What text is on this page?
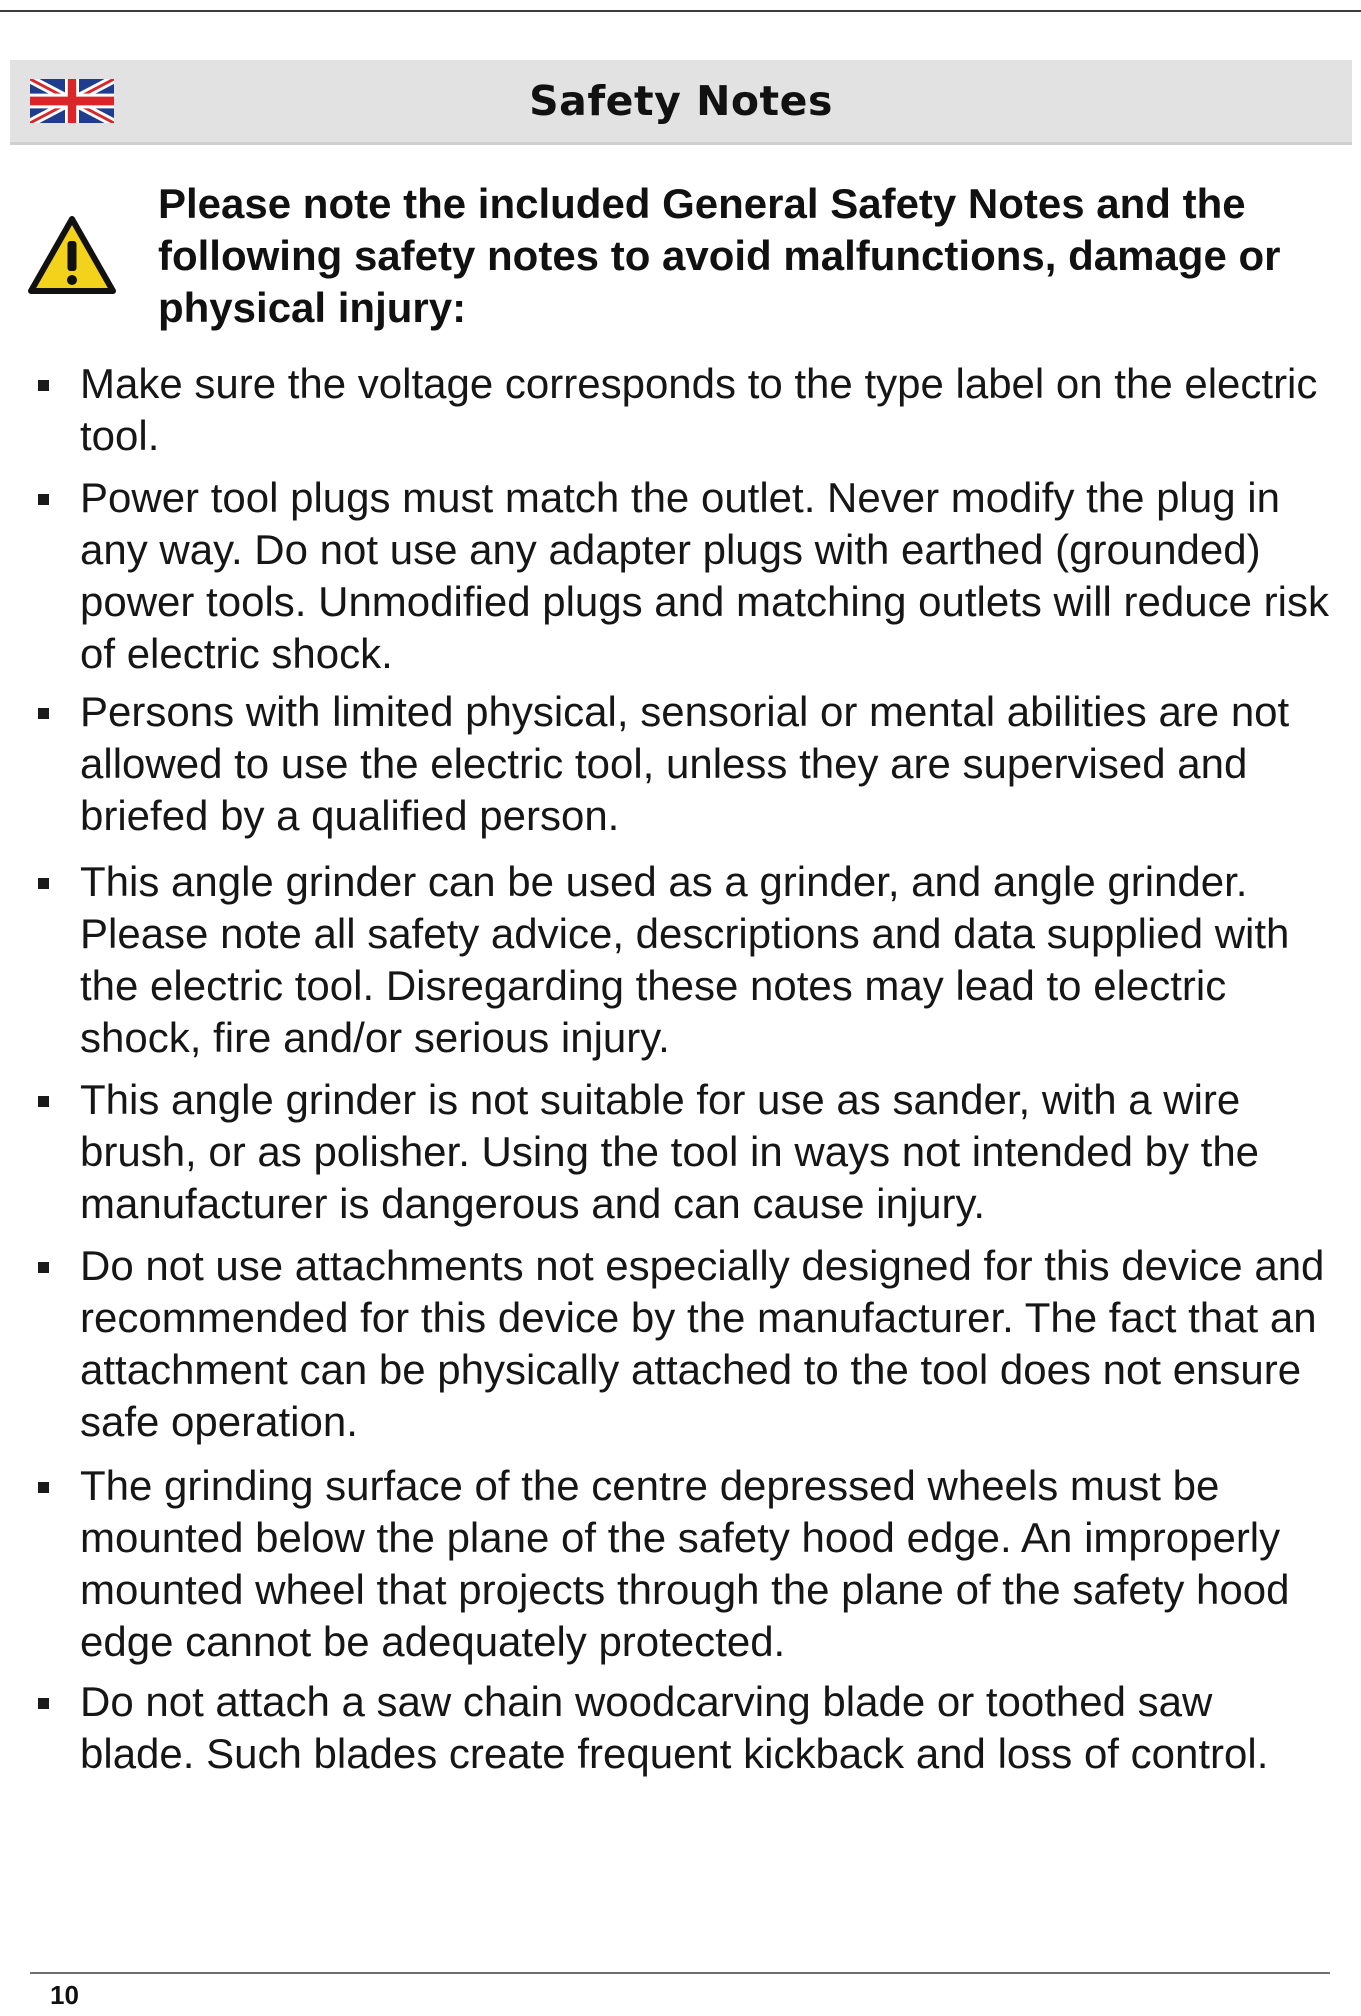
Safety Notes

Please note the included General Safety Notes and the following safety notes to avoid malfunctions, damage or physical injury:

Make sure the voltage corresponds to the type label on the electric tool.

Power tool plugs must match the outlet. Never modify the plug in any way. Do not use any adapter plugs with earthed (grounded) power tools. Unmodified plugs and matching outlets will reduce risk of electric shock.

Persons with limited physical, sensorial or mental abilities are not allowed to use the electric tool, unless they are supervised and briefed by a qualified person.

This angle grinder can be used as a grinder, and angle grinder. Please note all safety advice, descriptions and data supplied with the electric tool. Disregarding these notes may lead to electric shock, fire and/or serious injury.

This angle grinder is not suitable for use as sander, with a wire brush, or as polisher. Using the tool in ways not intended by the manufacturer is dangerous and can cause injury.

Do not use attachments not especially designed for this device and recommended for this device by the manufacturer. The fact that an attachment can be physically attached to the tool does not ensure safe operation.

The grinding surface of the centre depressed wheels must be mounted below the plane of the safety hood edge. An improperly mounted wheel that projects through the plane of the safety hood edge cannot be adequately protected.

Do not attach a saw chain woodcarving blade or toothed saw blade. Such blades create frequent kickback and loss of control.

10
